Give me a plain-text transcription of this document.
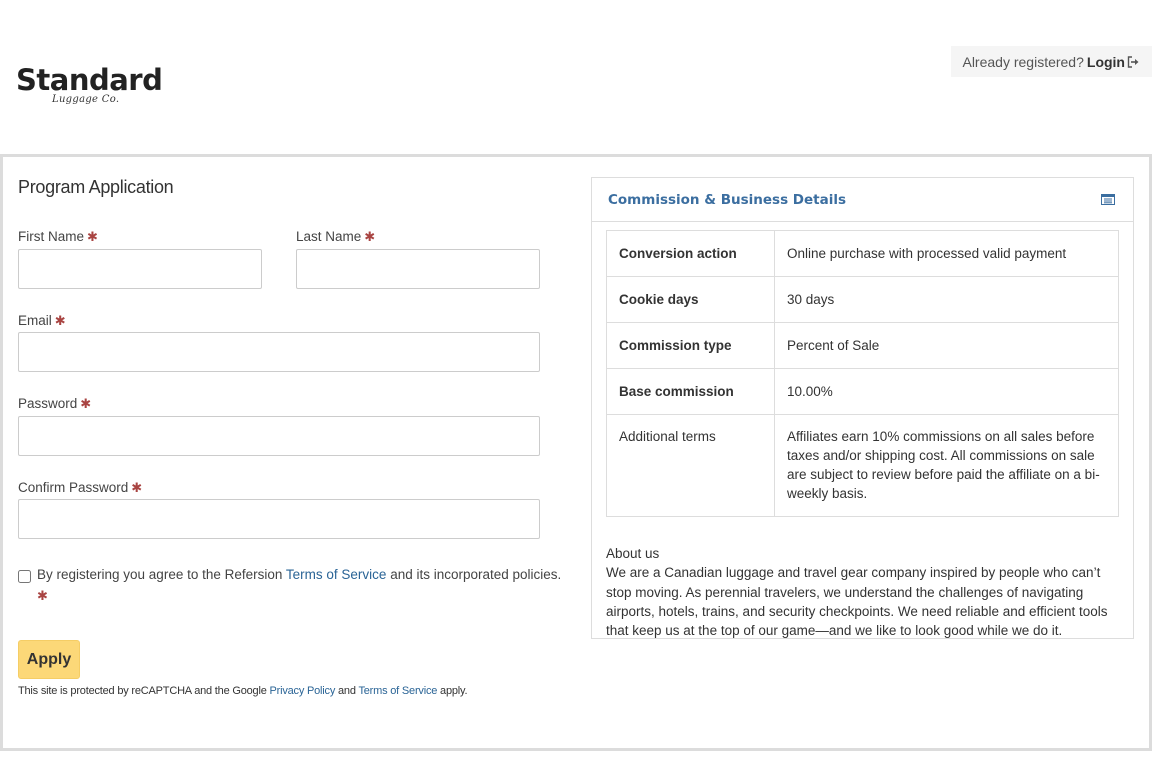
Standard
Luggage Co.
Already registered? Login
Program Application
First Name ✱	Last Name ✱
Email ✱
Password ✱
Confirm Password ✱
By registering you agree to the Refersion Terms of Service and its incorporated policies.
✱
Apply
This site is protected by reCAPTCHA and the Google Privacy Policy and Terms of Service apply.
Commission & Business Details
Conversion action	Online purchase with processed valid payment
Cookie days	30 days
Commission type	Percent of Sale
Base commission	10.00%
Additional terms	Affiliates earn 10% commissions on all sales before taxes and/or shipping cost. All commissions on sale are subject to review before paid the affiliate on a bi-weekly basis.
About us
We are a Canadian luggage and travel gear company inspired by people who can’t stop moving. As perennial travelers, we understand the challenges of navigating airports, hotels, trains, and security checkpoints. We need reliable and efficient tools that keep us at the top of our game—and we like to look good while we do it.
